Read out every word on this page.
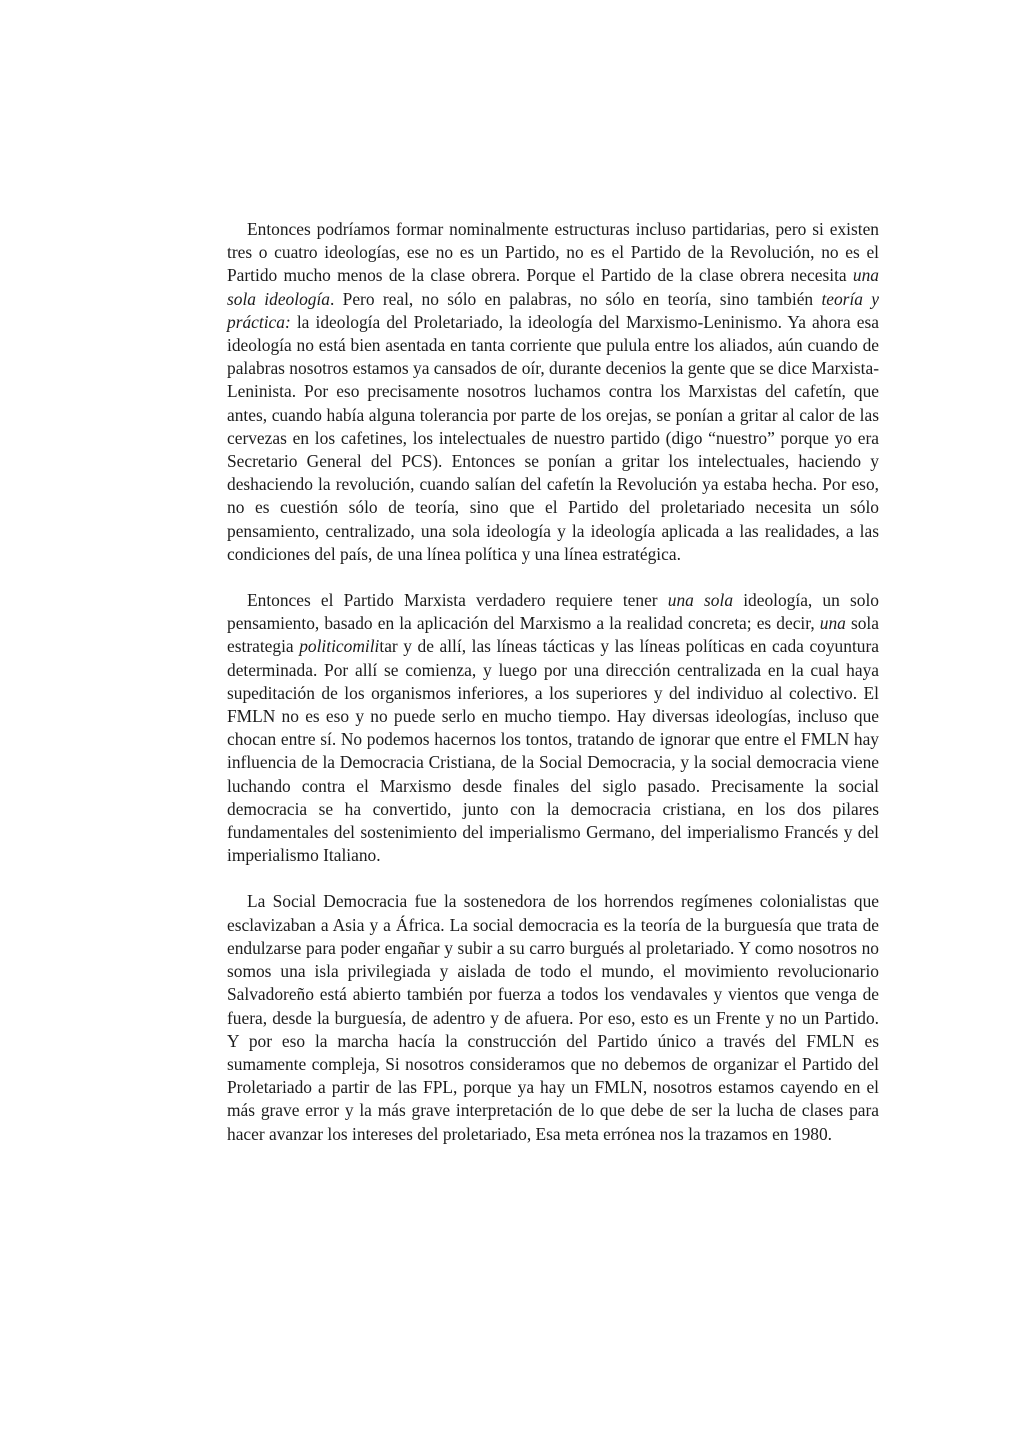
Entonces podríamos formar nominalmente estructuras incluso partidarias, pero si existen tres o cuatro ideologías, ese no es un Partido, no es el Partido de la Revolución, no es el Partido mucho menos de la clase obrera. Porque el Partido de la clase obrera necesita una sola ideología. Pero real, no sólo en palabras, no sólo en teoría, sino también teoría y práctica: la ideología del Proletariado, la ideología del Marxismo-Leninismo. Ya ahora esa ideología no está bien asentada en tanta corriente que pulula entre los aliados, aún cuando de palabras nosotros estamos ya cansados de oír, durante decenios la gente que se dice Marxista-Leninista. Por eso precisamente nosotros luchamos contra los Marxistas del cafetín, que antes, cuando había alguna tolerancia por parte de los orejas, se ponían a gritar al calor de las cervezas en los cafetines, los intelectuales de nuestro partido (digo “nuestro” porque yo era Secretario General del PCS). Entonces se ponían a gritar los intelectuales, haciendo y deshaciendo la revolución, cuando salían del cafetín la Revolución ya estaba hecha. Por eso, no es cuestión sólo de teoría, sino que el Partido del proletariado necesita un sólo pensamiento, centralizado, una sola ideología y la ideología aplicada a las realidades, a las condiciones del país, de una línea política y una línea estratégica.

Entonces el Partido Marxista verdadero requiere tener una sola ideología, un solo pensamiento, basado en la aplicación del Marxismo a la realidad concreta; es decir, una sola estrategia politicomilitar y de allí, las líneas tácticas y las líneas políticas en cada coyuntura determinada. Por allí se comienza, y luego por una dirección centralizada en la cual haya supeditación de los organismos inferiores, a los superiores y del individuo al colectivo. El FMLN no es eso y no puede serlo en mucho tiempo. Hay diversas ideologías, incluso que chocan entre sí. No podemos hacernos los tontos, tratando de ignorar que entre el FMLN hay influencia de la Democracia Cristiana, de la Social Democracia, y la social democracia viene luchando contra el Marxismo desde finales del siglo pasado. Precisamente la social democracia se ha convertido, junto con la democracia cristiana, en los dos pilares fundamentales del sostenimiento del imperialismo Germano, del imperialismo Francés y del imperialismo Italiano.

La Social Democracia fue la sostenedora de los horrendos regímenes colonialistas que esclavizaban a Asia y a África. La social democracia es la teoría de la burguesía que trata de endulzarse para poder engañar y subir a su carro burgués al proletariado. Y como nosotros no somos una isla privilegiada y aislada de todo el mundo, el movimiento revolucionario Salvadoreño está abierto también por fuerza a todos los vendavales y vientos que venga de fuera, desde la burguesía, de adentro y de afuera. Por eso, esto es un Frente y no un Partido. Y por eso la marcha hacía la construcción del Partido único a través del FMLN es sumamente compleja, Si nosotros consideramos que no debemos de organizar el Partido del Proletariado a partir de las FPL, porque ya hay un FMLN, nosotros estamos cayendo en el más grave error y la más grave interpretación de lo que debe de ser la lucha de clases para hacer avanzar los intereses del proletariado, Esa meta errónea nos la trazamos en 1980.
